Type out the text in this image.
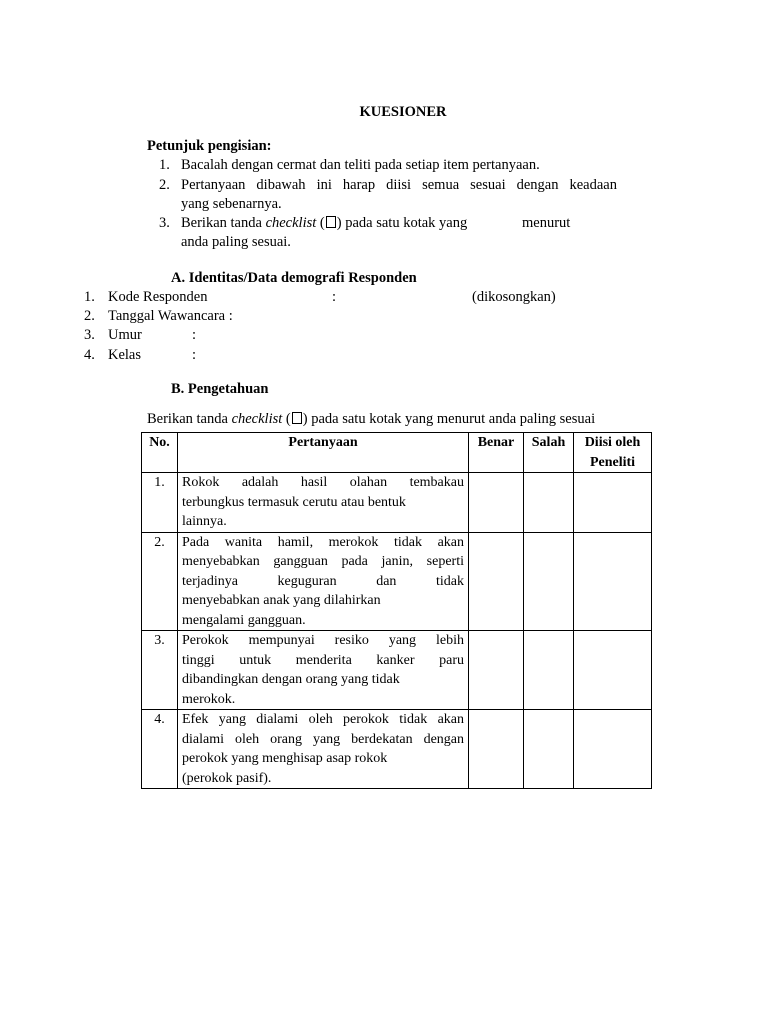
KUESIONER
Petunjuk pengisian:
1. Bacalah dengan cermat dan teliti pada setiap item pertanyaan.
2. Pertanyaan dibawah ini harap diisi semua sesuai dengan keadaan
yang sebenarnya.
3. Berikan tanda checklist ( ) pada satu kotak yang	menurut
anda paling sesuai.
A. Identitas/Data demografi Responden
1. Kode Responden	:	(dikosongkan)
2. Tanggal Wawancara :
3. Umur	:
4. Kelas	:
B. Pengetahuan
Berikan tanda checklist ( ) pada satu kotak yang menurut anda paling sesuai
No.	Pertanyaan	Benar	Salah	Diisi oleh
Peneliti
1.	Rokok adalah hasil olahan tembakau
terbungkus termasuk cerutu atau bentuk
lainnya.			

2.	Pada wanita hamil, merokok tidak akan
menyebabkan gangguan pada janin, seperti
terjadinya keguguran dan tidak
menyebabkan anak yang dilahirkan
mengalami gangguan.			

3.	Perokok mempunyai resiko yang lebih
tinggi untuk menderita kanker paru
dibandingkan dengan orang yang tidak
merokok.			

4.	Efek yang dialami oleh perokok tidak akan
dialami oleh orang yang berdekatan dengan
perokok yang menghisap asap rokok
(perokok pasif).			
